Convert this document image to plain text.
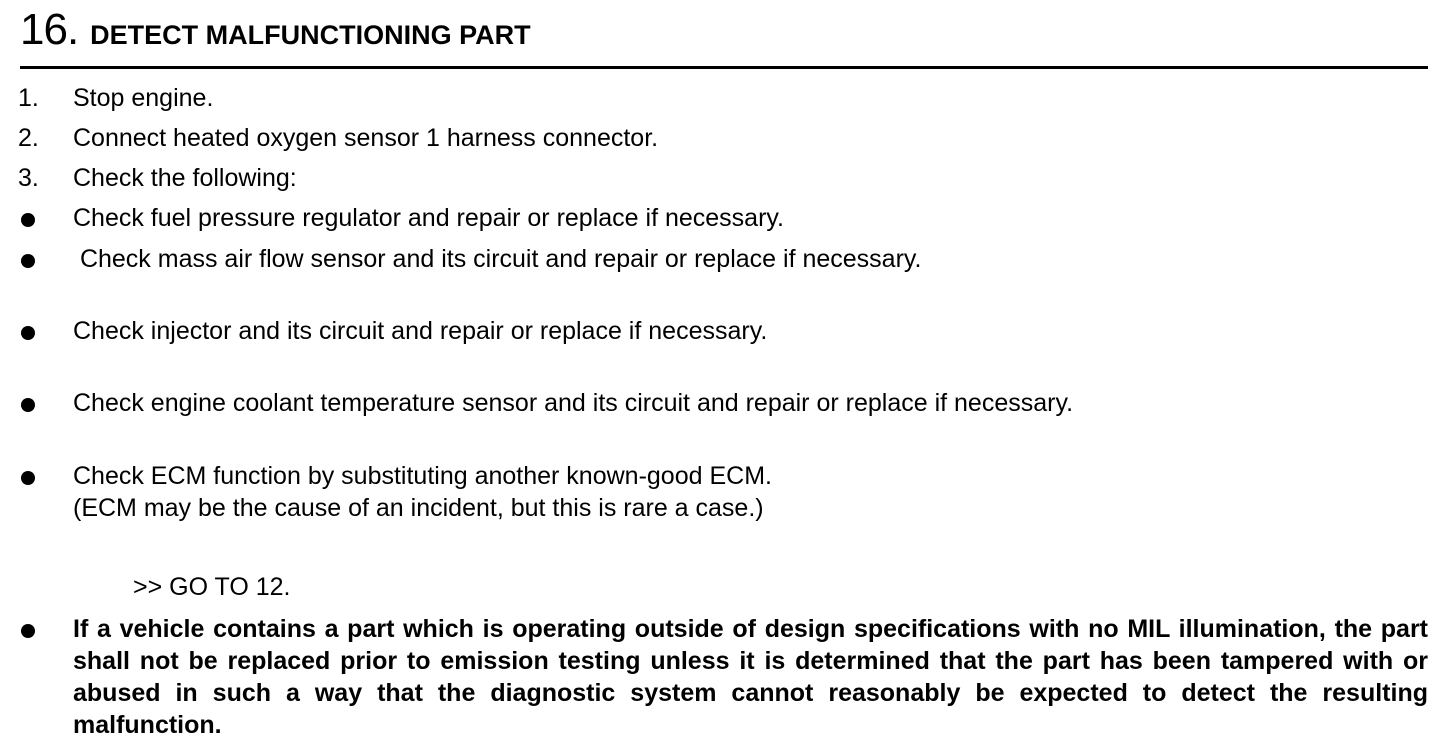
16. DETECT MALFUNCTIONING PART
1.	Stop engine.
2.	Connect heated oxygen sensor 1 harness connector.
3.	Check the following:
Check fuel pressure regulator and repair or replace if necessary.
Check mass air flow sensor and its circuit and repair or replace if necessary.
Check injector and its circuit and repair or replace if necessary.
Check engine coolant temperature sensor and its circuit and repair or replace if necessary.
Check ECM function by substituting another known-good ECM.
(ECM may be the cause of an incident, but this is rare a case.)
>> GO TO 12.
If a vehicle contains a part which is operating outside of design specifications with no MIL illumination, the part shall not be replaced prior to emission testing unless it is determined that the part has been tampered with or abused in such a way that the diagnostic system cannot reasonably be expected to detect the resulting malfunction.
